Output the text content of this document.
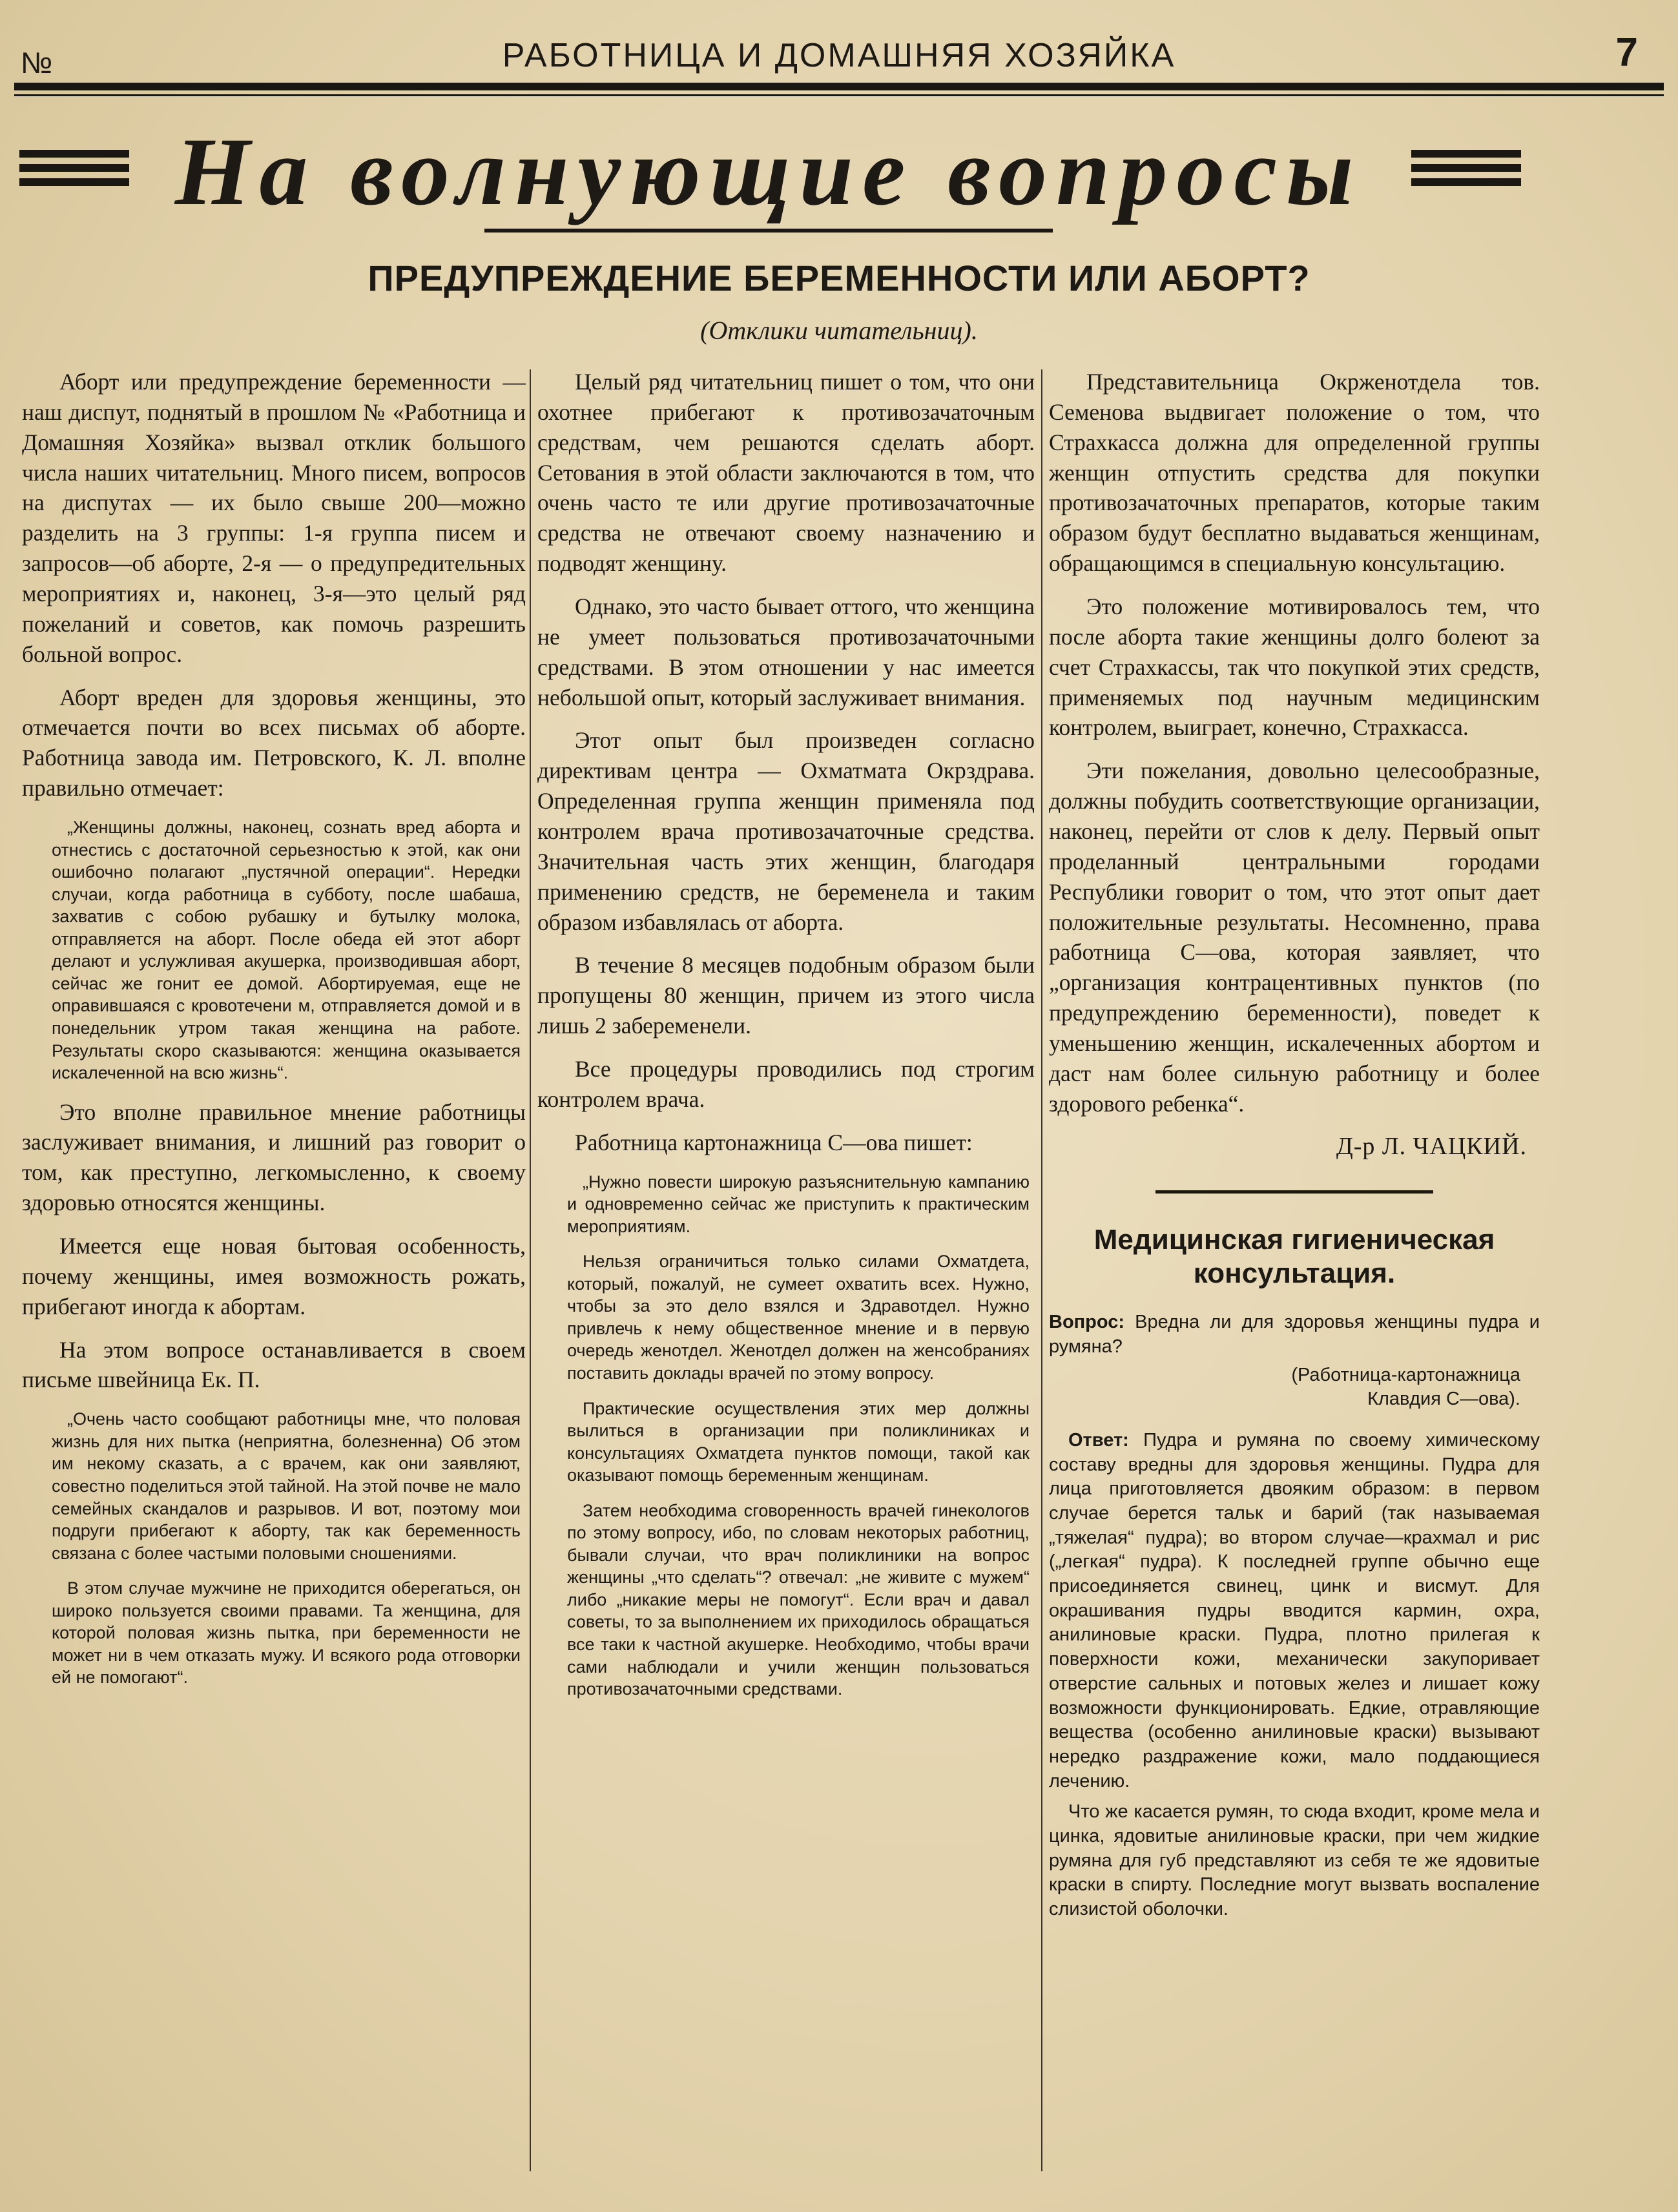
№	РАБОТНИЦА И ДОМАШНЯЯ ХОЗЯЙКА	7
На волнующие вопросы
ПРЕДУПРЕЖДЕНИЕ БЕРЕМЕННОСТИ ИЛИ АБОРТ?
(Отклики читательниц).

Аборт или предупреждение беременности — наш диспут, поднятый в прошлом № «Работница и Домашняя Хозяйка» вызвал отклик большого числа наших читательниц. Много писем, вопросов на диспутах — их было свыше 200—можно разделить на 3 группы: 1-я группа писем и запросов—об аборте, 2-я — о предупредительных мероприятиях и, наконец, 3-я—это целый ряд пожеланий и советов, как помочь разрешить больной вопрос.

Аборт вреден для здоровья женщины, это отмечается почти во всех письмах об аборте. Работница завода им. Петровского, К. Л. вполне правильно отмечает:

„Женщины должны, наконец, сознать вред аборта и отнестись с достаточной серьезностью к этой, как они ошибочно полагают „пустячной операции“. Нередки случаи, когда работница в субботу, после шабаша, захватив с собою рубашку и бутылку молока, отправляется на аборт. После обеда ей этот аборт делают и услужливая акушерка, производившая аборт, сейчас же гонит ее домой. Абортируемая, еще не оправившаяся с кровотечени м, отправляется домой и в понедельник утром такая женщина на работе. Результаты скоро сказываются: женщина оказывается искалеченной на всю жизнь“.

Это вполне правильное мнение работницы заслуживает внимания, и лишний раз говорит о том, как преступно, легкомысленно, к своему здоровью относятся женщины.

Имеется еще новая бытовая особенность, почему женщины, имея возможность рожать, прибегают иногда к абортам.

На этом вопросе останавливается в своем письме швейница Ек. П.

„Очень часто сообщают работницы мне, что половая жизнь для них пытка (неприятна, болезненна) Об этом им некому сказать, а с врачем, как они заявляют, совестно поделиться этой тайной. На этой почве не мало семейных скандалов и разрывов. И вот, поэтому мои подруги прибегают к аборту, так как беременность связана с более частыми половыми сношениями.

В этом случае мужчине не приходится оберегаться, он широко пользуется своими правами. Та женщина, для которой половая жизнь пытка, при беременности не может ни в чем отказать мужу. И всякого рода отговорки ей не помогают“.

Целый ряд читательниц пишет о том, что они охотнее прибегают к противозачаточным средствам, чем решаются сделать аборт. Сетования в этой области заключаются в том, что очень часто те или другие противозачаточные средства не отвечают своему назначению и подводят женщину.

Однако, это часто бывает оттого, что женщина не умеет пользоваться противозачаточными средствами. В этом отношении у нас имеется небольшой опыт, который заслуживает внимания.

Этот опыт был произведен согласно директивам центра — Охматмата Окрздрава. Определенная группа женщин применяла под контролем врача противозачаточные средства. Значительная часть этих женщин, благодаря применению средств, не беременела и таким образом избавлялась от аборта.

В течение 8 месяцев подобным образом были пропущены 80 женщин, причем из этого числа лишь 2 забеременели.

Все процедуры проводились под строгим контролем врача.

Работница картонажница С—ова пишет:

„Нужно повести широкую разъяснительную кампанию и одновременно сейчас же приступить к практическим мероприятиям.

Нельзя ограничиться только силами Охматдета, который, пожалуй, не сумеет охватить всех. Нужно, чтобы за это дело взялся и Здравотдел. Нужно привлечь к нему общественное мнение и в первую очередь женотдел. Женотдел должен на женсобраниях поставить доклады врачей по этому вопросу.

Практические осуществления этих мер должны вылиться в организации при поликлиниках и консультациях Охматдета пунктов помощи, такой как оказывают помощь беременным женщинам.

Затем необходима сговоренность врачей гинекологов по этому вопросу, ибо, по словам некоторых работниц, бывали случаи, что врач поликлиники на вопрос женщины „что сделать“? отвечал: „не живите с мужем“ либо „никакие меры не помогут“. Если врач и давал советы, то за выполнением их приходилось обращаться все таки к частной акушерке. Необходимо, чтобы врачи сами наблюдали и учили женщин пользоваться противозачаточными средствами.

Представительница Окрженотдела тов. Семенова выдвигает положение о том, что Страхкасса должна для определенной группы женщин отпустить средства для покупки противозачаточных препаратов, которые таким образом будут бесплатно выдаваться женщинам, обращающимся в специальную консультацию.

Это положение мотивировалось тем, что после аборта такие женщины долго болеют за счет Страхкассы, так что покупкой этих средств, применяемых под научным медицинским контролем, выиграет, конечно, Страхкасса.

Эти пожелания, довольно целесообразные, должны побудить соответствующие организации, наконец, перейти от слов к делу. Первый опыт проделанный центральными городами Республики говорит о том, что этот опыт дает положительные результаты. Несомненно, права работница С—ова, которая заявляет, что „организация контрацентивных пунктов (по предупреждению беременности), поведет к уменьшению женщин, искалеченных абортом и даст нам более сильную работницу и более здорового ребенка“.

Д-р Л. ЧАЦКИЙ.
Медицинская гигиеническая консультация.

Вопрос: Вредна ли для здоровья женщины пудра и румяна?

(Работница-картонажница
Клавдия С—ова).

Ответ: Пудра и румяна по своему химическому составу вредны для здоровья женщины. Пудра для лица приготовляется двояким образом: в первом случае берется тальк и барий (так называемая „тяжелая“ пудра); во втором случае—крахмал и рис („легкая“ пудра). К последней группе обычно еще присоединяется свинец, цинк и висмут. Для окрашивания пудры вводится кармин, охра, анилиновые краски. Пудра, плотно прилегая к поверхности кожи, механически закупоривает отверстие сальных и потовых желез и лишает кожу возможности функционировать. Едкие, отравляющие вещества (особенно анилиновые краски) вызывают нередко раздражение кожи, мало поддающиеся лечению.

Что же касается румян, то сюда входит, кроме мела и цинка, ядовитые анилиновые краски, при чем жидкие румяна для губ представляют из себя те же ядовитые краски в спирту. Последние могут вызвать воспаление слизистой оболочки.
